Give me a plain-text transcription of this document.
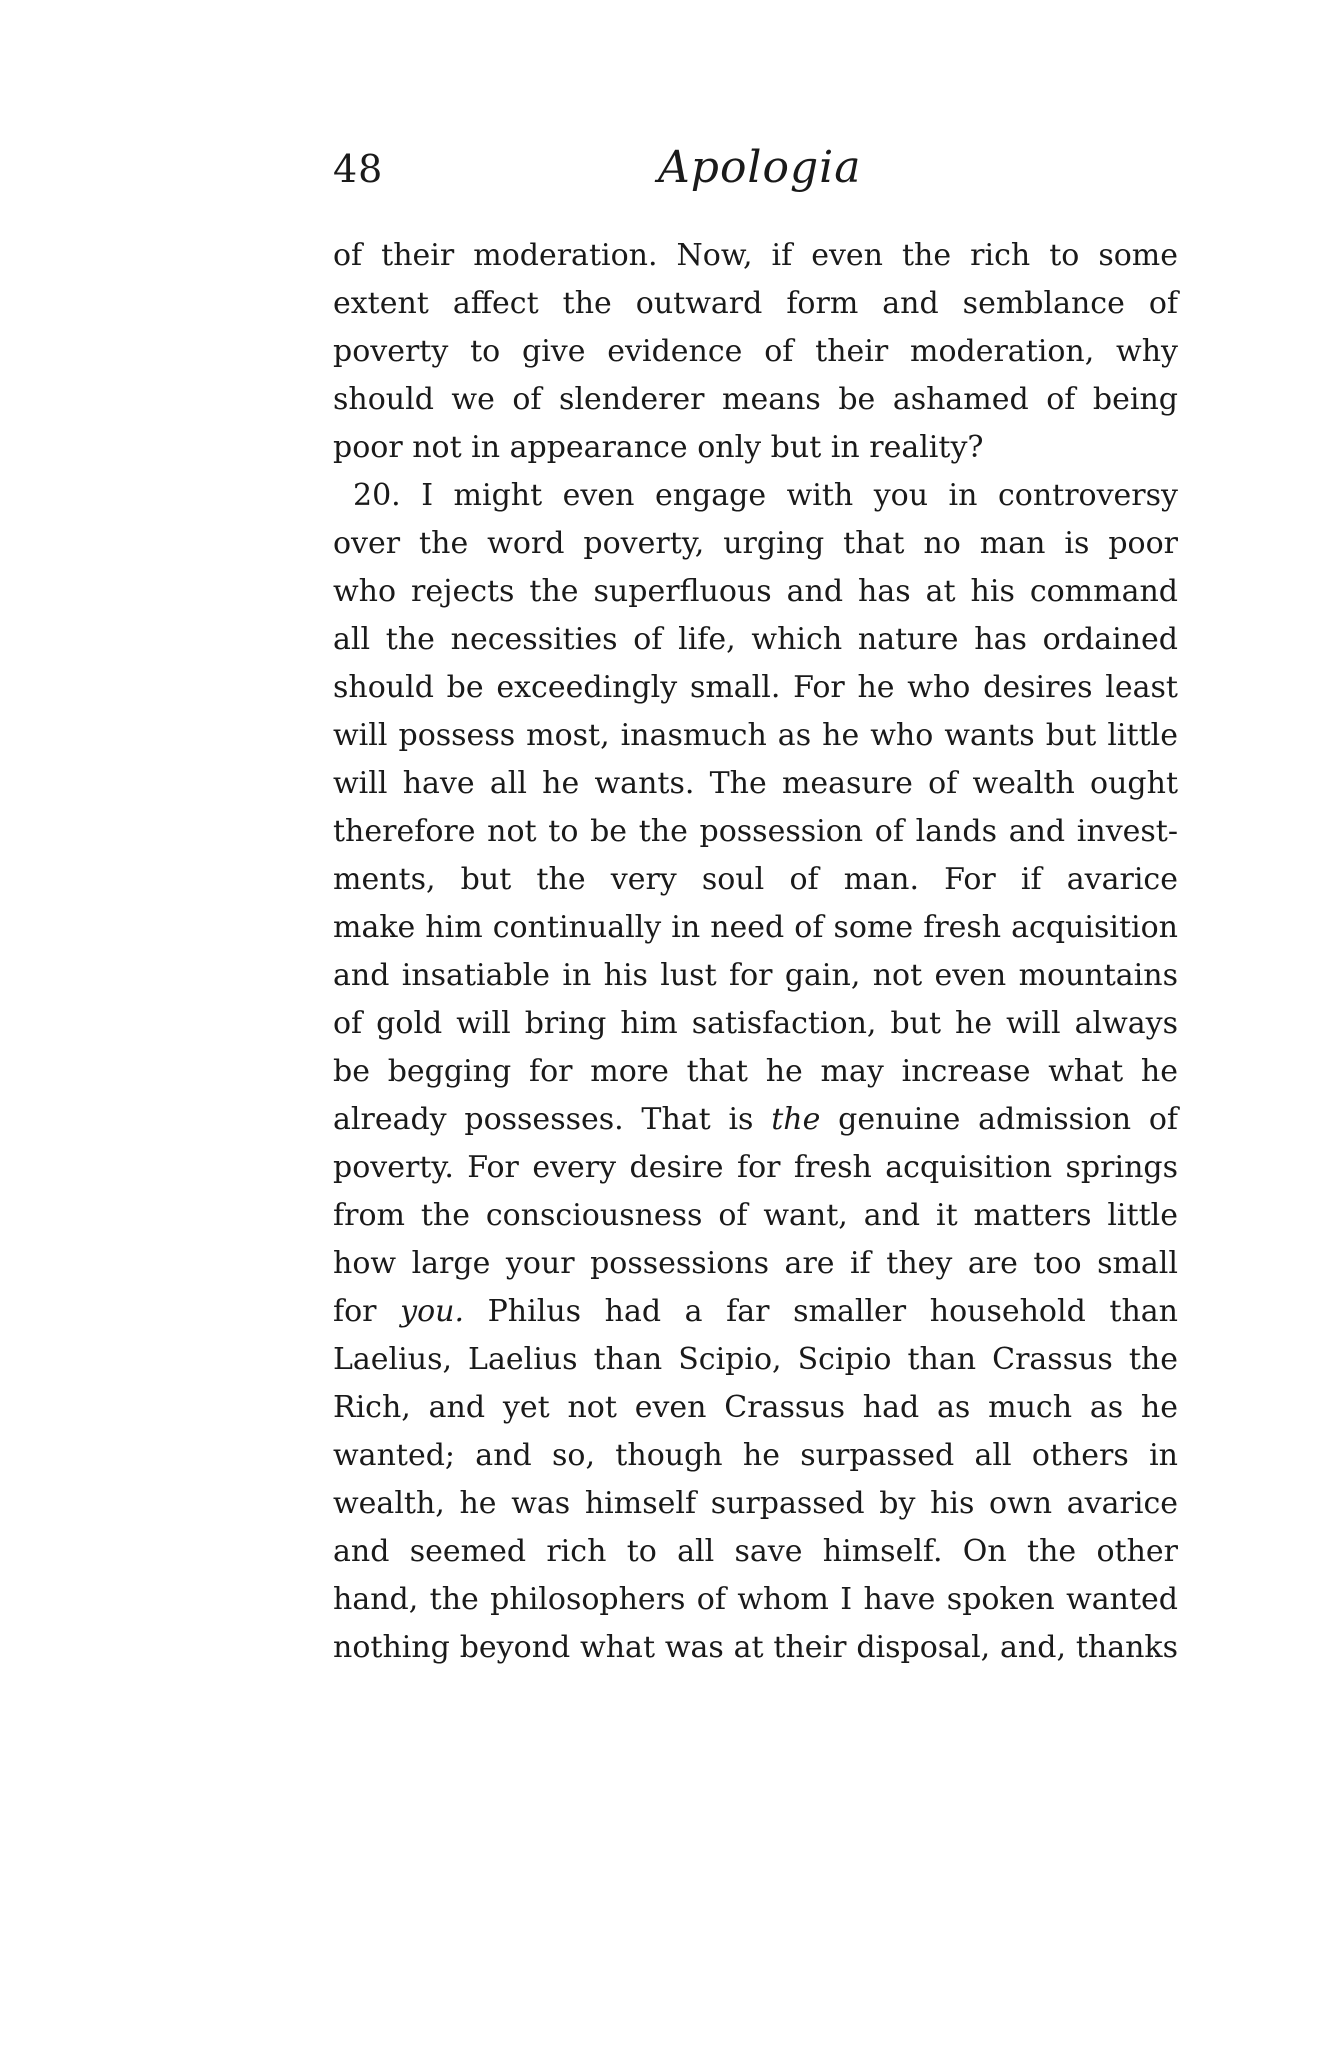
48	Apologia
of their moderation. Now, if even the rich to some
extent affect the outward form and semblance of
poverty to give evidence of their moderation, why
should we of slenderer means be ashamed of being
poor not in appearance only but in reality?
20. I might even engage with you in controversy
over the word poverty, urging that no man is poor
who rejects the superfluous and has at his command
all the necessities of life, which nature has ordained
should be exceedingly small. For he who desires least
will possess most, inasmuch as he who wants but little
will have all he wants. The measure of wealth ought
therefore not to be the possession of lands and invest-
ments, but the very soul of man. For if avarice
make him continually in need of some fresh acquisition
and insatiable in his lust for gain, not even mountains
of gold will bring him satisfaction, but he will always
be begging for more that he may increase what he
already possesses. That is the genuine admission of
poverty. For every desire for fresh acquisition springs
from the consciousness of want, and it matters little
how large your possessions are if they are too small
for you. Philus had a far smaller household than
Laelius, Laelius than Scipio, Scipio than Crassus the
Rich, and yet not even Crassus had as much as he
wanted; and so, though he surpassed all others in
wealth, he was himself surpassed by his own avarice
and seemed rich to all save himself. On the other
hand, the philosophers of whom I have spoken wanted
nothing beyond what was at their disposal, and, thanks
